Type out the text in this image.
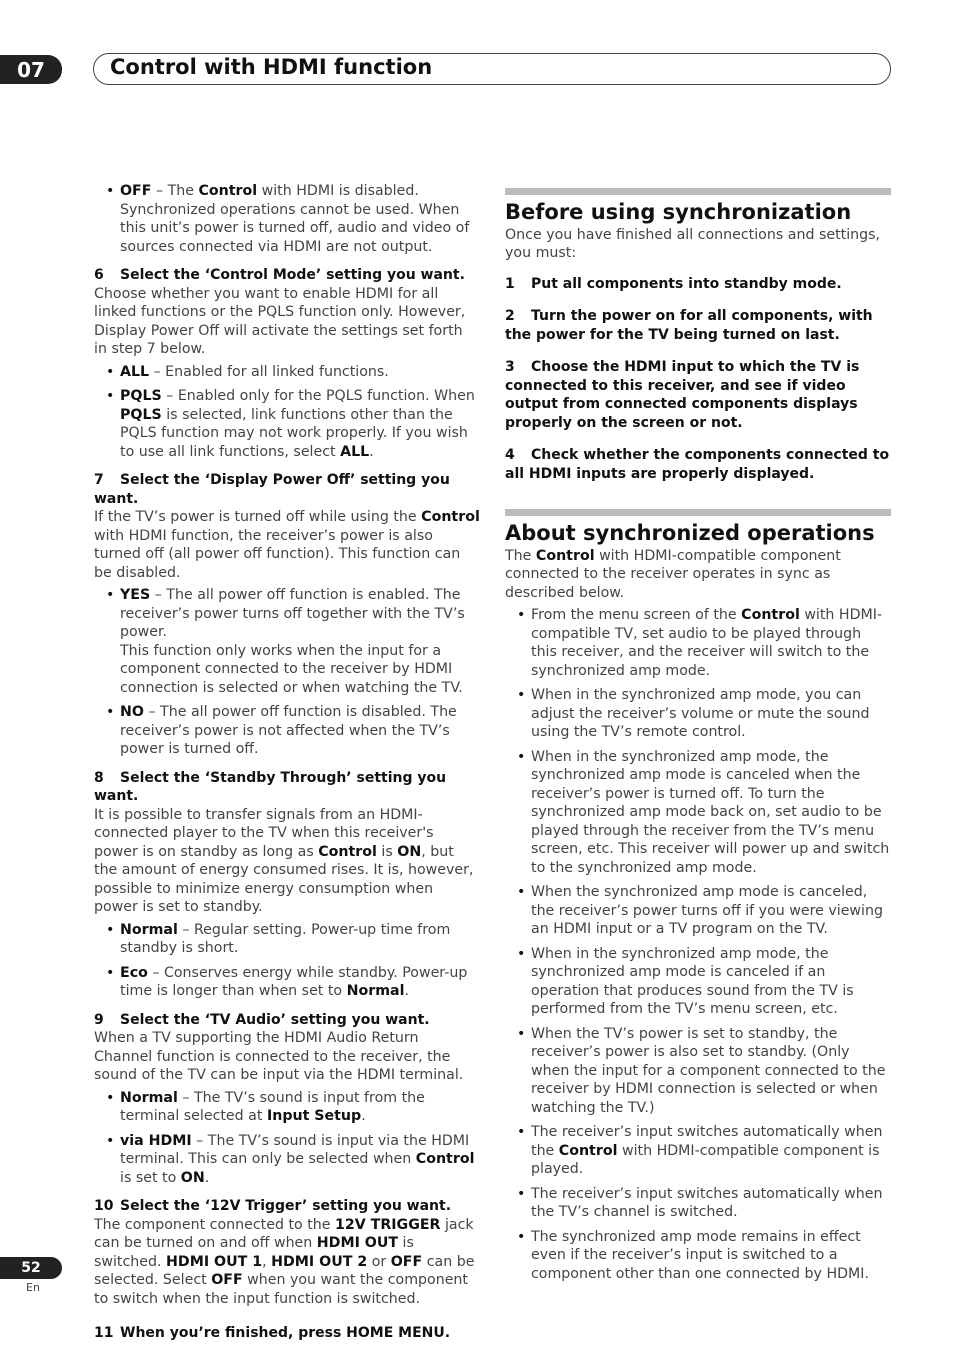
07	Control with HDMI function
• OFF – The Control with HDMI is disabled. Synchronized operations cannot be used. When this unit’s power is turned off, audio and video of sources connected via HDMI are not output.
6 Select the ‘Control Mode’ setting you want.

Choose whether you want to enable HDMI for all linked functions or the PQLS function only. However, Display Power Off will activate the settings set forth in step 7 below.

• ALL – Enabled for all linked functions.
• PQLS – Enabled only for the PQLS function. When PQLS is selected, link functions other than the PQLS function may not work properly. If you wish to use all link functions, select ALL.
7 Select the ‘Display Power Off’ setting you want.

If the TV’s power is turned off while using the Control with HDMI function, the receiver’s power is also turned off (all power off function). This function can be disabled.

• YES – The all power off function is enabled. The receiver’s power turns off together with the TV’s power.
This function only works when the input for a component connected to the receiver by HDMI connection is selected or when watching the TV.
• NO – The all power off function is disabled. The receiver’s power is not affected when the TV’s power is turned off.
8 Select the ‘Standby Through’ setting you want.

It is possible to transfer signals from an HDMI-connected player to the TV when this receiver's power is on standby as long as Control is ON, but the amount of energy consumed rises. It is, however, possible to minimize energy consumption when power is set to standby.

• Normal – Regular setting. Power-up time from standby is short.
• Eco – Conserves energy while standby. Power-up time is longer than when set to Normal.
9 Select the ‘TV Audio’ setting you want.

When a TV supporting the HDMI Audio Return Channel function is connected to the receiver, the sound of the TV can be input via the HDMI terminal.

• Normal – The TV’s sound is input from the terminal selected at Input Setup.
• via HDMI – The TV’s sound is input via the HDMI terminal. This can only be selected when Control is set to ON.
10 Select the ‘12V Trigger’ setting you want.

The component connected to the 12V TRIGGER jack can be turned on and off when HDMI OUT is switched. HDMI OUT 1, HDMI OUT 2 or OFF can be selected. Select OFF when you want the component to switch when the input function is switched.

11 When you’re finished, press HOME MENU.
Before using synchronization

Once you have finished all connections and settings, you must:

1 Put all components into standby mode.
2 Turn the power on for all components, with the power for the TV being turned on last.
3 Choose the HDMI input to which the TV is connected to this receiver, and see if video output from connected components displays properly on the screen or not.
4 Check whether the components connected to all HDMI inputs are properly displayed.
About synchronized operations

The Control with HDMI-compatible component connected to the receiver operates in sync as described below.

• From the menu screen of the Control with HDMI-compatible TV, set audio to be played through this receiver, and the receiver will switch to the synchronized amp mode.
• When in the synchronized amp mode, you can adjust the receiver’s volume or mute the sound using the TV’s remote control.
• When in the synchronized amp mode, the synchronized amp mode is canceled when the receiver’s power is turned off. To turn the synchronized amp mode back on, set audio to be played through the receiver from the TV’s menu screen, etc. This receiver will power up and switch to the synchronized amp mode.
• When the synchronized amp mode is canceled, the receiver’s power turns off if you were viewing an HDMI input or a TV program on the TV.
• When in the synchronized amp mode, the synchronized amp mode is canceled if an operation that produces sound from the TV is performed from the TV’s menu screen, etc.
• When the TV’s power is set to standby, the receiver’s power is also set to standby. (Only when the input for a component connected to the receiver by HDMI connection is selected or when watching the TV.)
• The receiver’s input switches automatically when the Control with HDMI-compatible component is played.
• The receiver’s input switches automatically when the TV’s channel is switched.
• The synchronized amp mode remains in effect even if the receiver’s input is switched to a component other than one connected by HDMI.
52
En
